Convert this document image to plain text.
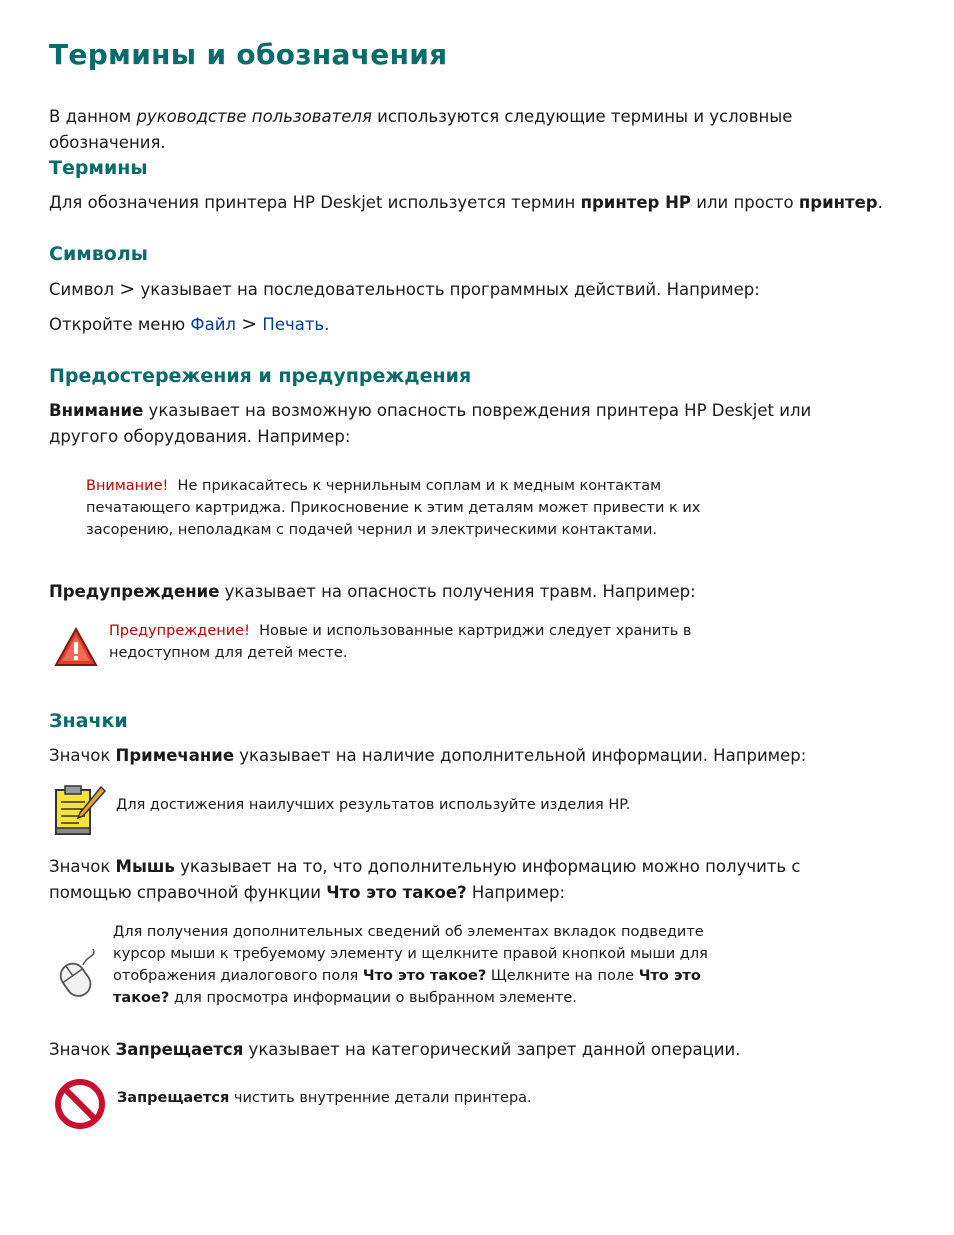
Термины и обозначения

В данном руководстве пользователя используются следующие термины и условные обозначения.

Термины

Для обозначения принтера HP Deskjet используется термин принтер HP или просто принтер.

Символы

Символ > указывает на последовательность программных действий. Например:

Откройте меню Файл > Печать.

Предостережения и предупреждения

Внимание указывает на возможную опасность повреждения принтера HP Deskjet или другого оборудования. Например:

Внимание! Не прикасайтесь к чернильным соплам и к медным контактам печатающего картриджа. Прикосновение к этим деталям может привести к их засорению, неполадкам с подачей чернил и электрическими контактами.

Предупреждение указывает на опасность получения травм. Например:

Предупреждение! Новые и использованные картриджи следует хранить в недоступном для детей месте.

Значки

Значок Примечание указывает на наличие дополнительной информации. Например:

Для достижения наилучших результатов используйте изделия HP.

Значок Мышь указывает на то, что дополнительную информацию можно получить с помощью справочной функции Что это такое? Например:

Для получения дополнительных сведений об элементах вкладок подведите курсор мыши к требуемому элементу и щелкните правой кнопкой мыши для отображения диалогового поля Что это такое? Щелкните на поле Что это такое? для просмотра информации о выбранном элементе.

Значок Запрещается указывает на категорический запрет данной операции.

Запрещается чистить внутренние детали принтера.
